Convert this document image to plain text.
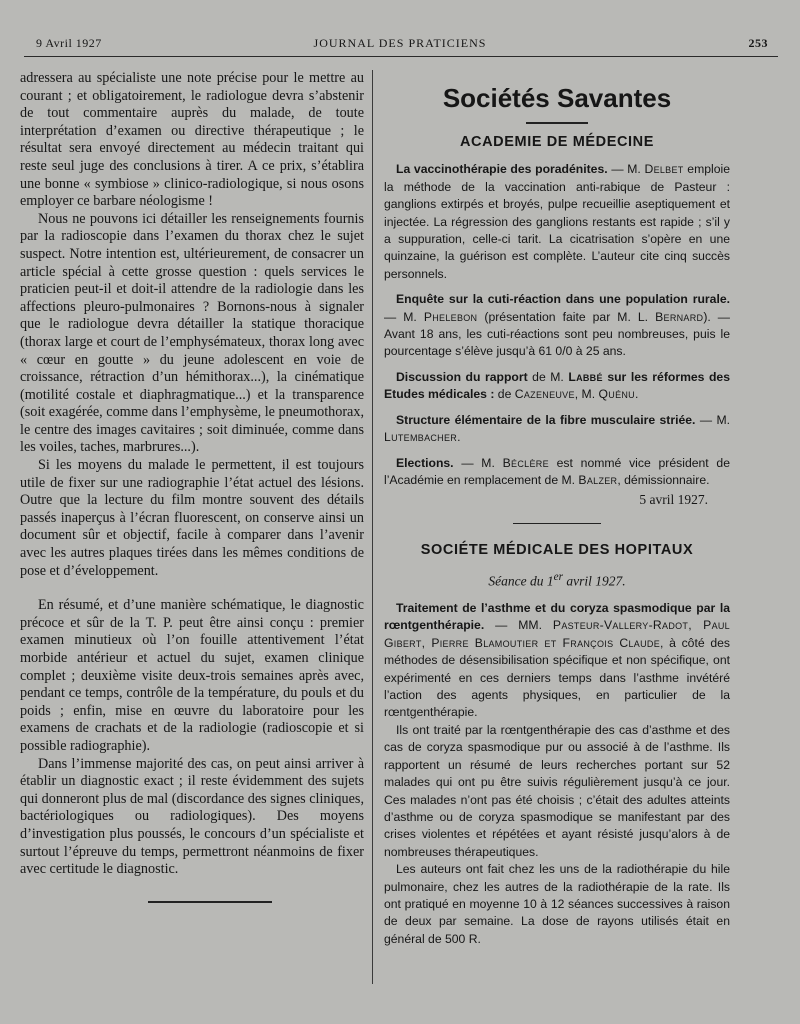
9 Avril 1927	JOURNAL DES PRATICIENS	253

adressera au spécialiste une note précise pour le mettre au courant ; et obligatoirement, le radiologue devra s’abstenir de tout commentaire auprès du malade, de toute interprétation d’examen ou directive thérapeutique ; le résultat sera envoyé directement au médecin traitant qui reste seul juge des conclusions à tirer. A ce prix, s’établira une bonne « symbiose » clinico-radiologique, si nous osons employer ce barbare néologisme !

Nous ne pouvons ici détailler les renseignements fournis par la radioscopie dans l’examen du thorax chez le sujet suspect. Notre intention est, ultérieurement, de consacrer un article spécial à cette grosse question : quels services le praticien peut-il et doit-il attendre de la radiologie dans les affections pleuro-pulmonaires ? Bornons-nous à signaler que le radiologue devra détailler la statique thoracique (thorax large et court de l’emphysémateux, thorax long avec « cœur en goutte » du jeune adolescent en voie de croissance, rétraction d’un hémithorax...), la cinématique (motilité costale et diaphragmatique...) et la transparence (soit exagérée, comme dans l’emphysème, le pneumothorax, le centre des images cavitaires ; soit diminuée, comme dans les voiles, taches, marbrures...).

Si les moyens du malade le permettent, il est toujours utile de fixer sur une radiographie l’état actuel des lésions. Outre que la lecture du film montre souvent des détails passés inaperçus à l’écran fluorescent, on conserve ainsi un document sûr et objectif, facile à comparer dans l’avenir avec les autres plaques tirées dans les mêmes conditions de pose et d’éveloppement.

En résumé, et d’une manière schématique, le diagnostic précoce et sûr de la T. P. peut être ainsi conçu : premier examen minutieux où l’on fouille attentivement l’état morbide antérieur et actuel du sujet, examen clinique complet ; deuxième visite deux-trois semaines après avec, pendant ce temps, contrôle de la température, du pouls et du poids ; enfin, mise en œuvre du laboratoire pour les examens de crachats et de la radiologie (radioscopie et si possible radiographie).

Dans l’immense majorité des cas, on peut ainsi arriver à établir un diagnostic exact ; il reste évidemment des sujets qui donneront plus de mal (discordance des signes cliniques, bactériologiques ou radiologiques). Des moyens d’investigation plus poussés, le concours d’un spécialiste et surtout l’épreuve du temps, permettront néanmoins de fixer avec certitude le diagnostic.

Sociétés Savantes
ACADEMIE DE MÉDECINE

La vaccinothérapie des poradénites. — M. Delbet emploie la méthode de la vaccination anti-rabique de Pasteur : ganglions extirpés et broyés, pulpe recueillie aseptiquement et injectée. La régression des ganglions restants est rapide ; s’il y a suppuration, celle-ci tarit. La cicatrisation s’opère en une quinzaine, la guérison est complète. L’auteur cite cinq succès personnels.

Enquête sur la cuti-réaction dans une population rurale. — M. Phelebon (présentation faite par M. L. Bernard). — Avant 18 ans, les cuti-réactions sont peu nombreuses, puis le pourcentage s’élève jusqu’à 61 0/0 à 25 ans.

Discussion du rapport de M. Labbé sur les réformes des Etudes médicales : de Cazeneuve, M. Quénu.

Structure élémentaire de la fibre musculaire striée. — M. Lutembacher.

Elections. — M. Béclère est nommé vice président de l’Académie en remplacement de M. Balzer, démissionnaire.

5 avril 1927.
SOCIÉTE MÉDICALE DES HOPITAUX
Séance du 1er avril 1927.

Traitement de l’asthme et du coryza spasmodique par la rœntgenthérapie. — MM. Pasteur-Vallery-Radot, Paul Gibert, Pierre Blamoutier et François Claude, à côté des méthodes de désensibilisation spécifique et non spécifique, ont expérimenté en ces derniers temps dans l’asthme invétéré l’action des agents physiques, en particulier de la rœntgenthérapie.

Ils ont traité par la rœntgenthérapie des cas d’asthme et des cas de coryza spasmodique pur ou associé à de l’asthme. Ils rapportent un résumé de leurs recherches portant sur 52 malades qui ont pu être suivis régulièrement jusqu’à ce jour. Ces malades n’ont pas été choisis ; c’était des adultes atteints d’asthme ou de coryza spasmodique se manifestant par des crises violentes et répétées et ayant résisté jusqu’alors à de nombreuses thérapeutiques.

Les auteurs ont fait chez les uns de la radiothérapie du hile pulmonaire, chez les autres de la radiothérapie de la rate. Ils ont pratiqué en moyenne 10 à 12 séances successives à raison de deux par semaine. La dose de rayons utilisés était en général de 500 R.
